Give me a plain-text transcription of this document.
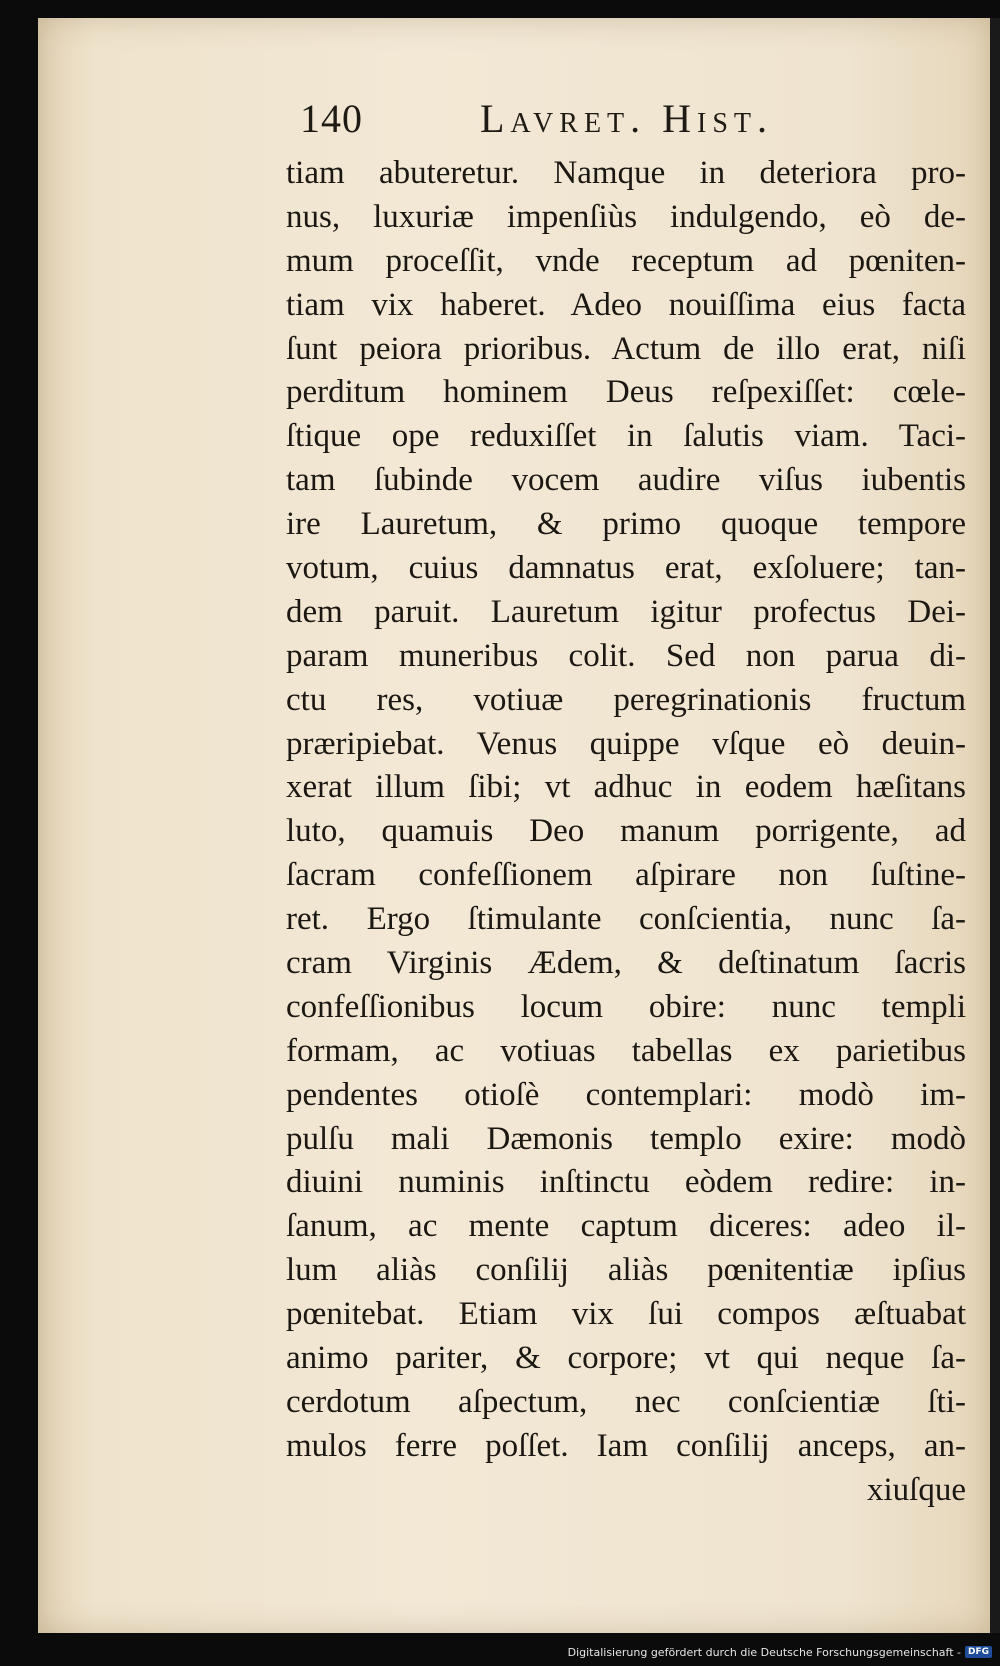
140	Lavret. Hist.
tiam abuteretur. Namque in deteriora pro-
nus, luxuriæ impenſiùs indulgendo, eò de-
mum proceſſit, vnde receptum ad pœniten-
tiam vix haberet. Adeo nouiſſima eius facta
ſunt peiora prioribus. Actum de illo erat, niſi
perditum hominem Deus reſpexiſſet: cœle-
ſtique ope reduxiſſet in ſalutis viam. Taci-
tam ſubinde vocem audire viſus iubentis
ire Lauretum, & primo quoque tempore
votum, cuius damnatus erat, exſoluere; tan-
dem paruit. Lauretum igitur profectus Dei-
param muneribus colit. Sed non parua di-
ctu res, votiuæ peregrinationis fructum
præripiebat. Venus quippe vſque eò deuin-
xerat illum ſibi; vt adhuc in eodem hæſitans
luto, quamuis Deo manum porrigente, ad
ſacram confeſſionem aſpirare non ſuſtine-
ret. Ergo ſtimulante conſcientia, nunc ſa-
cram Virginis Ædem, & deſtinatum ſacris
confeſſionibus locum obire: nunc templi
formam, ac votiuas tabellas ex parietibus
pendentes otioſè contemplari: modò im-
pulſu mali Dæmonis templo exire: modò
diuini numinis inſtinctu eòdem redire: in-
ſanum, ac mente captum diceres: adeo il-
lum aliàs conſilij aliàs pœnitentiæ ipſius
pœnitebat. Etiam vix ſui compos æſtuabat
animo pariter, & corpore; vt qui neque ſa-
cerdotum aſpectum, nec conſcientiæ ſti-
mulos ferre poſſet. Iam conſilij anceps, an-
xiuſque
Digitalisierung gefördert durch die Deutsche Forschungsgemeinschaft - DFG
